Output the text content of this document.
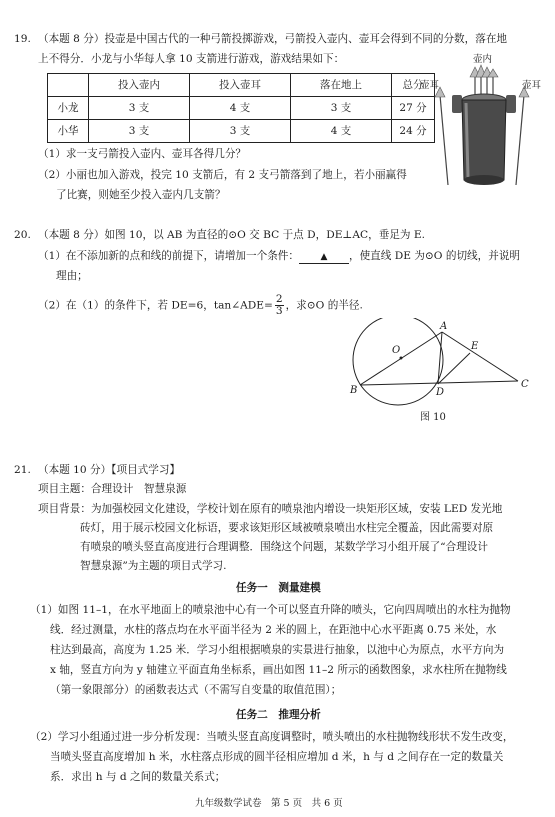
19. （本题 8 分）投壶是中国古代的一种弓箭投掷游戏，弓箭投入壶内、壶耳会得到不同的分数，落在地
上不得分．小龙与小华每人拿 10 支箭进行游戏，游戏结果如下：
	投入壶内	投入壶耳	落在地上	总分
小龙	3 支	4 支	3 支	27 分
小华	3 支	3 支	4 支	24 分
壶内
壶耳	壶耳
（1）求一支弓箭投入壶内、壶耳各得几分？
（2）小丽也加入游戏，投完 10 支箭后，有 2 支弓箭落到了地上，若小丽赢得
了比赛，则她至少投入壶内几支箭？
20. （本题 8 分）如图 10，以 AB 为直径的⊙O 交 BC 于点 D，DE⊥AC，垂足为 E.
（1）在不添加新的点和线的前提下，请增加一个条件： ▲ ，使直线 DE 为⊙O 的切线，并说明
理由；
（2）在（1）的条件下，若 DE=6，tan∠ADE= $\frac{2}{3}$ ，求⊙O 的半径.
A
B
C
D
E
O
图 10
21. （本题 10 分）【项目式学习】
项目主题：合理设计　智慧泉源
项目背景：为加强校园文化建设，学校计划在原有的喷泉池内增设一块矩形区域，安装 LED 发光地
砖灯，用于展示校园文化标语，要求该矩形区域被喷泉喷出水柱完全覆盖，因此需要对原
有喷泉的喷头竖直高度进行合理调整．围绕这个问题，某数学学习小组开展了“合理设计
智慧泉源”为主题的项目式学习.
任务一　测量建模
（1）如图 11–1，在水平地面上的喷泉池中心有一个可以竖直升降的喷头，它向四周喷出的水柱为抛物
线．经过测量，水柱的落点均在水平面半径为 2 米的圆上，在距池中心水平距离 0.75 米处，水
柱达到最高，高度为 1.25 米．学习小组根据喷泉的实景进行抽象，以池中心为原点，水平方向为
x 轴，竖直方向为 y 轴建立平面直角坐标系，画出如图 11–2 所示的函数图象，求水柱所在抛物线
（第一象限部分）的函数表达式（不需写自变量的取值范围）；
任务二　推理分析
（2）学习小组通过进一步分析发现：当喷头竖直高度调整时，喷头喷出的水柱抛物线形状不发生改变，
当喷头竖直高度增加 h 米，水柱落点形成的圆半径相应增加 d 米，h 与 d 之间存在一定的数量关
系．求出 h 与 d 之间的数量关系式；
九年级数学试卷　第 5 页　共 6 页
